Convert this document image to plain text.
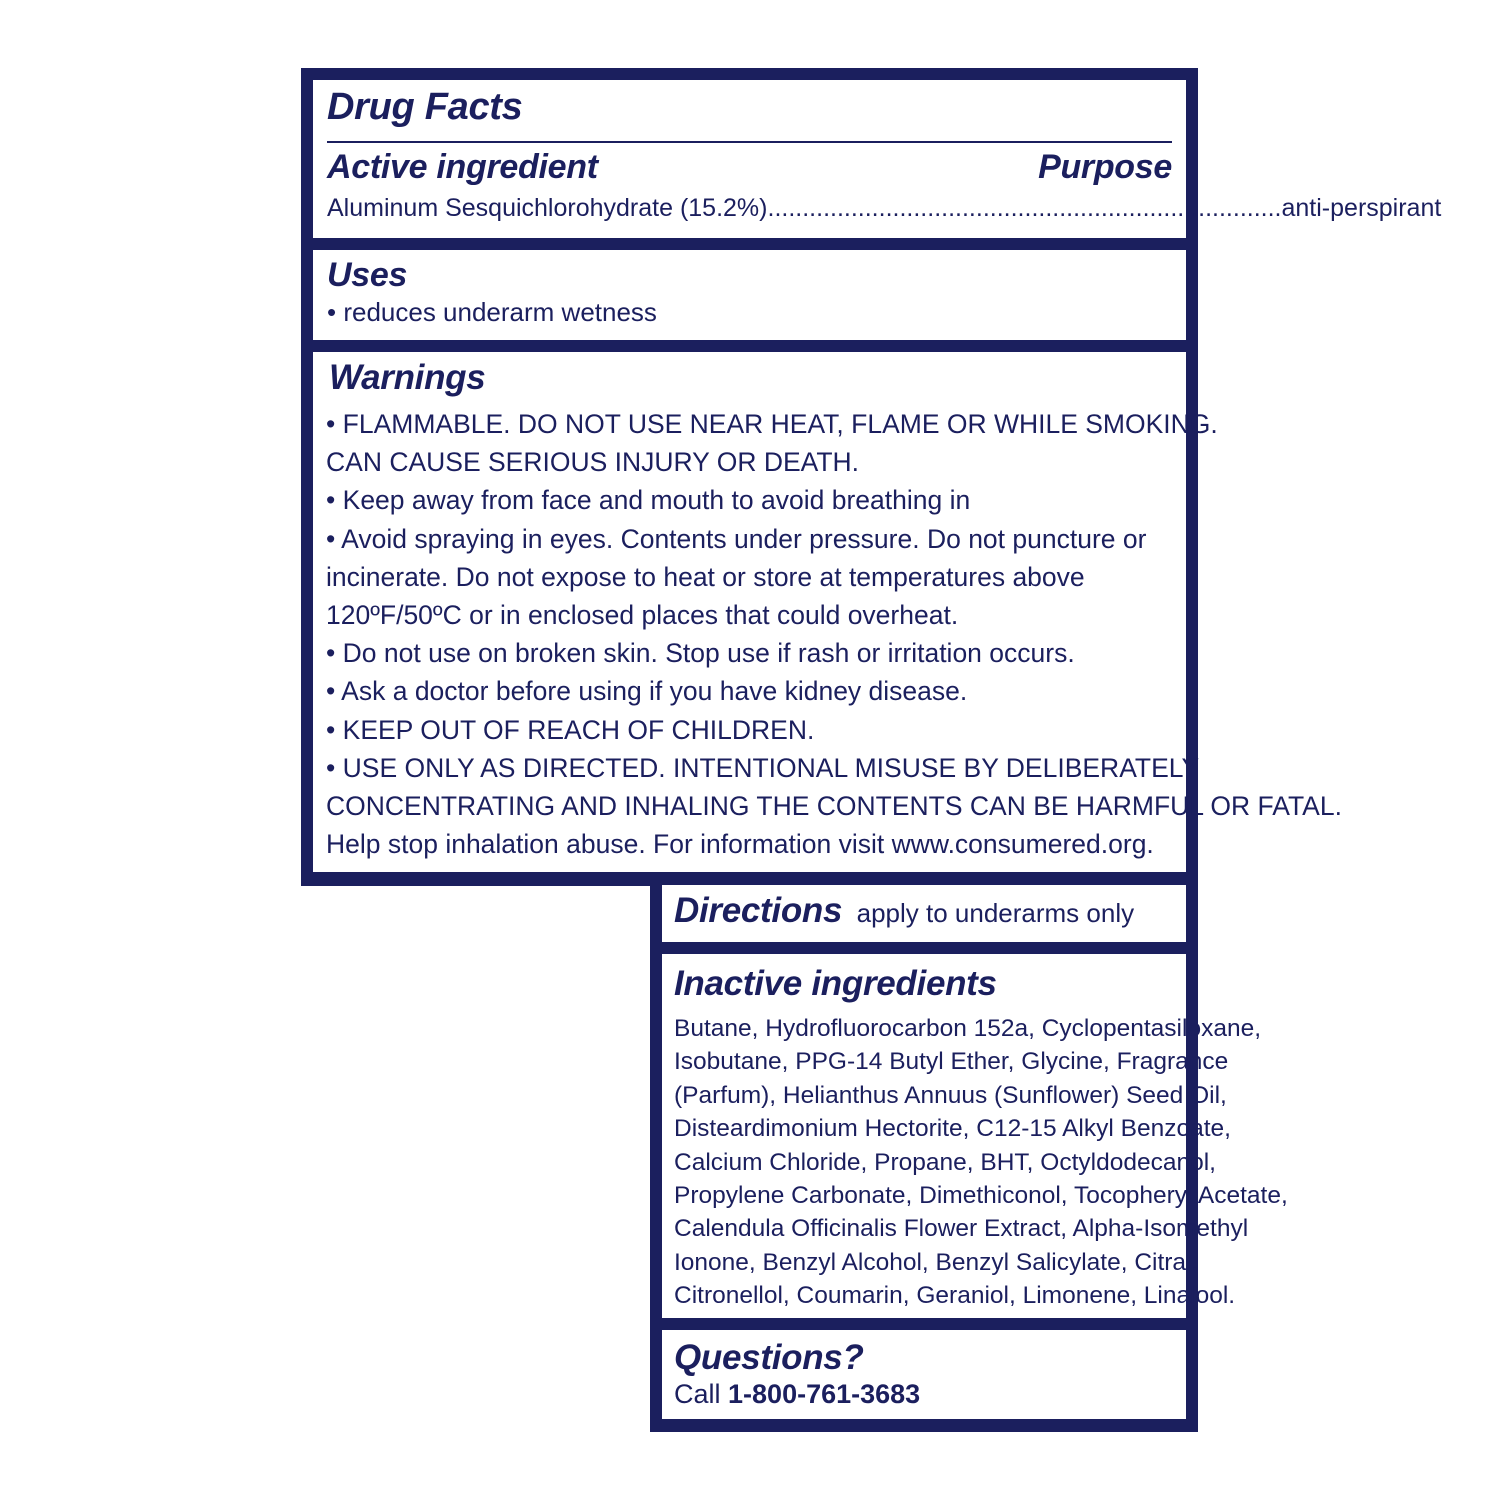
Drug Facts
Active ingredient	Purpose
Aluminum Sesquichlorohydrate (15.2%) .......................................................................... anti-perspirant
Uses
• reduces underarm wetness
Warnings
• FLAMMABLE. DO NOT USE NEAR HEAT, FLAME OR WHILE SMOKING.
CAN CAUSE SERIOUS INJURY OR DEATH.
• Keep away from face and mouth to avoid breathing in
• Avoid spraying in eyes. Contents under pressure. Do not puncture or
incinerate. Do not expose to heat or store at temperatures above
120ºF/50ºC or in enclosed places that could overheat.
• Do not use on broken skin. Stop use if rash or irritation occurs.
• Ask a doctor before using if you have kidney disease.
• KEEP OUT OF REACH OF CHILDREN.
• USE ONLY AS DIRECTED. INTENTIONAL MISUSE BY DELIBERATELY
CONCENTRATING AND INHALING THE CONTENTS CAN BE HARMFUL OR FATAL.
Help stop inhalation abuse. For information visit www.consumered.org.
Directions apply to underarms only
Inactive ingredients
Butane, Hydrofluorocarbon 152a, Cyclopentasiloxane,
Isobutane, PPG-14 Butyl Ether, Glycine, Fragrance
(Parfum), Helianthus Annuus (Sunflower) Seed Oil,
Disteardimonium Hectorite, C12-15 Alkyl Benzoate,
Calcium Chloride, Propane, BHT, Octyldodecanol,
Propylene Carbonate, Dimethiconol, Tocopheryl Acetate,
Calendula Officinalis Flower Extract, Alpha-Isomethyl
Ionone, Benzyl Alcohol, Benzyl Salicylate, Citral,
Citronellol, Coumarin, Geraniol, Limonene, Linalool.
Questions?
Call 1-800-761-3683
